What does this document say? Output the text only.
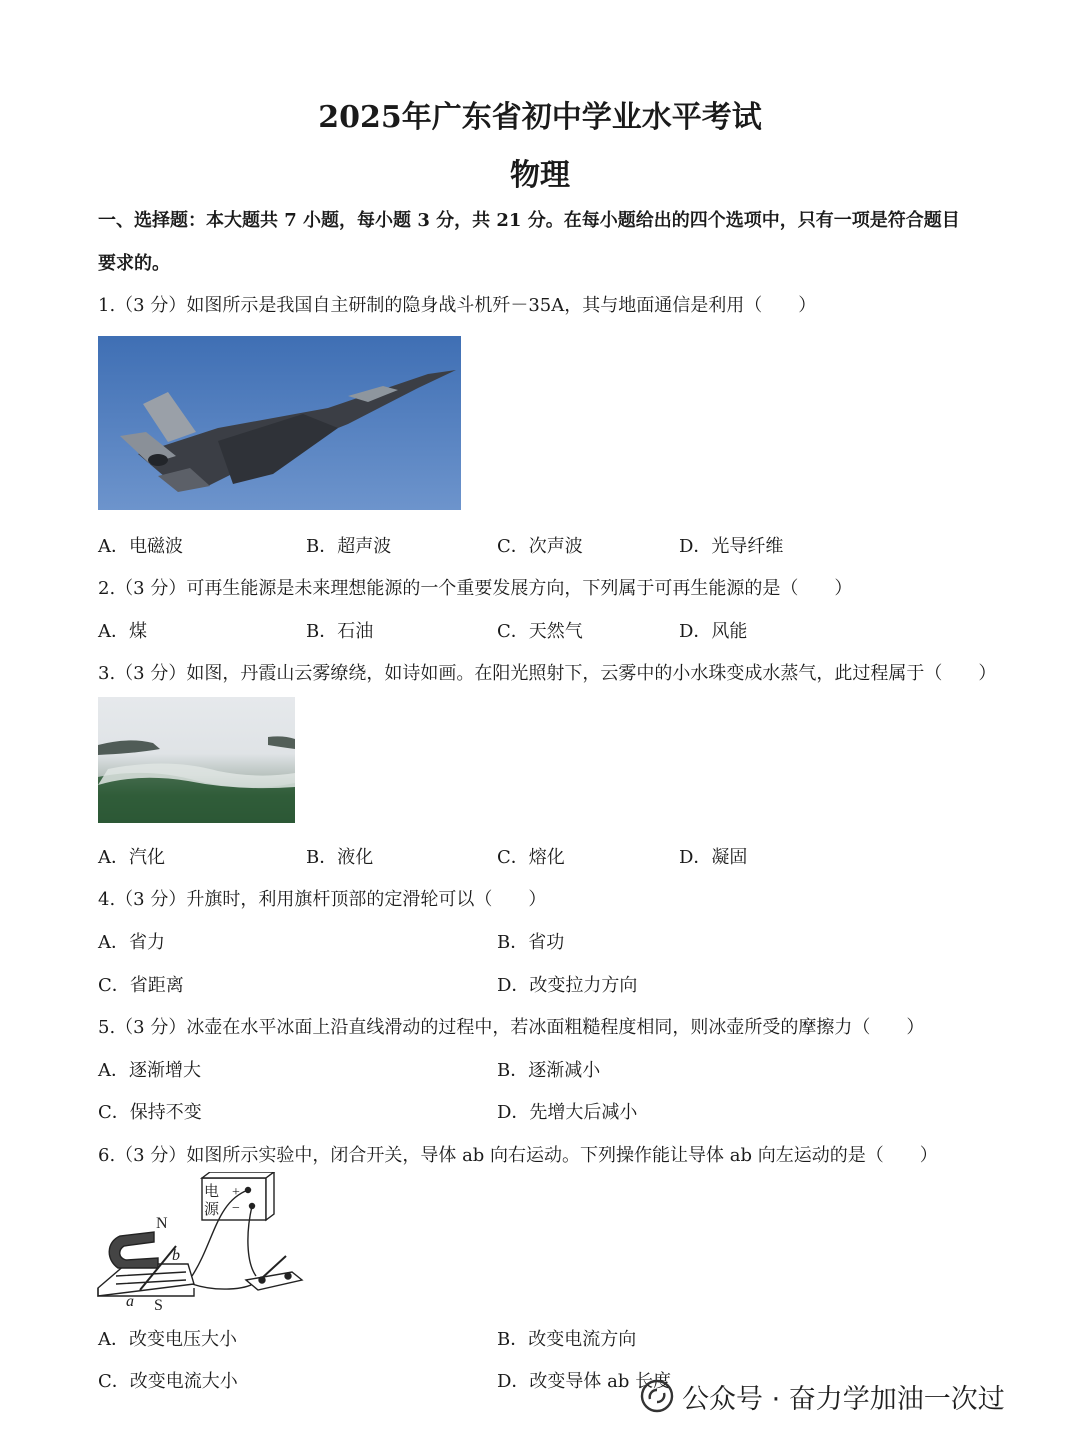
2025年广东省初中学业水平考试
物理
一、选择题：本大题共 7 小题，每小题 3 分，共 21 分。在每小题给出的四个选项中，只有一项是符合题目
要求的。
1.（3 分）如图所示是我国自主研制的隐身战斗机歼－35A，其与地面通信是利用（　　）
A．电磁波	B．超声波	C．次声波	D．光导纤维
2.（3 分）可再生能源是未来理想能源的一个重要发展方向，下列属于可再生能源的是（　　）
A．煤	B．石油	C．天然气	D．风能
3.（3 分）如图，丹霞山云雾缭绕，如诗如画。在阳光照射下，云雾中的小水珠变成水蒸气，此过程属于（　　）
A．汽化	B．液化	C．熔化	D．凝固
4.（3 分）升旗时，利用旗杆顶部的定滑轮可以（　　）
A．省力	B．省功
C．省距离	D．改变拉力方向
5.（3 分）冰壶在水平冰面上沿直线滑动的过程中，若冰面粗糙程度相同，则冰壶所受的摩擦力（　　）
A．逐渐增大	B．逐渐减小
C．保持不变	D．先增大后减小
6.（3 分）如图所示实验中，闭合开关，导体 ab 向右运动。下列操作能让导体 ab 向左运动的是（　　）
电
源
+
−
N
S
a
b
A．改变电压大小	B．改变电流方向
C．改变电流大小	D．改变导体 ab 长度
公众号 · 奋力学加油一次过
